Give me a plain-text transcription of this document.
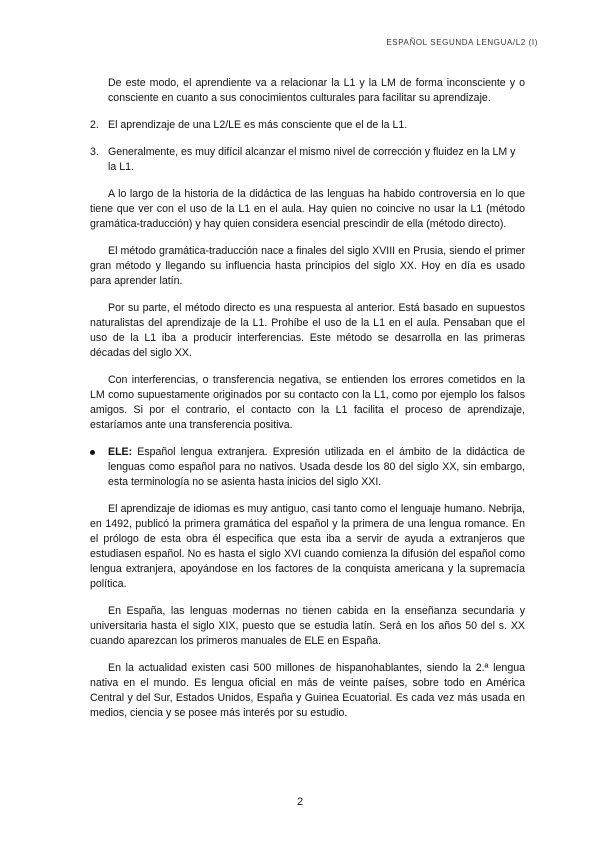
ESPAÑOL SEGUNDA LENGUA/L2 (I)

De este modo, el aprendiente va a relacionar la L1 y la LM de forma inconsciente y o consciente en cuanto a sus conocimientos culturales para facilitar su aprendizaje.

2. El aprendizaje de una L2/LE es más consciente que el de la L1.
3. Generalmente, es muy difícil alcanzar el mismo nivel de corrección y fluidez en la LM y la L1.

A lo largo de la historia de la didáctica de las lenguas ha habido controversia en lo que tiene que ver con el uso de la L1 en el aula. Hay quien no coincive no usar la L1 (método gramática-traducción) y hay quien considera esencial prescindir de ella (método directo).

El método gramática-traducción nace a finales del siglo XVIII en Prusia, siendo el primer gran método y llegando su influencia hasta principios del siglo XX. Hoy en día es usado para aprender latín.

Por su parte, el método directo es una respuesta al anterior. Está basado en supuestos naturalistas del aprendizaje de la L1. Prohíbe el uso de la L1 en el aula. Pensaban que el uso de la L1 iba a producir interferencias. Este método se desarrolla en las primeras décadas del siglo XX.

Con interferencias, o transferencia negativa, se entienden los errores cometidos en la LM como supuestamente originados por su contacto con la L1, como por ejemplo los falsos amigos. Si por el contrario, el contacto con la L1 facilita el proceso de aprendizaje, estaríamos ante una transferencia positiva.

ELE: Español lengua extranjera. Expresión utilizada en el ámbito de la didáctica de lenguas como español para no nativos. Usada desde los 80 del siglo XX, sin embargo, esta terminología no se asienta hasta inicios del siglo XXI.

El aprendizaje de idiomas es muy antiguo, casi tanto como el lenguaje humano. Nebrija, en 1492, publicó la primera gramática del español y la primera de una lengua romance. En el prólogo de esta obra él especifica que esta iba a servir de ayuda a extranjeros que estudiasen español. No es hasta el siglo XVI cuando comienza la difusión del español como lengua extranjera, apoyándose en los factores de la conquista americana y la supremacía política.

En España, las lenguas modernas no tienen cabida en la enseñanza secundaria y universitaria hasta el siglo XIX, puesto que se estudia latín. Será en los años 50 del s. XX cuando aparezcan los primeros manuales de ELE en España.

En la actualidad existen casi 500 millones de hispanohablantes, siendo la 2.ª lengua nativa en el mundo. Es lengua oficial en más de veinte países, sobre todo en América Central y del Sur, Estados Unidos, España y Guinea Ecuatorial. Es cada vez más usada en medios, ciencia y se posee más interés por su estudio.

2
